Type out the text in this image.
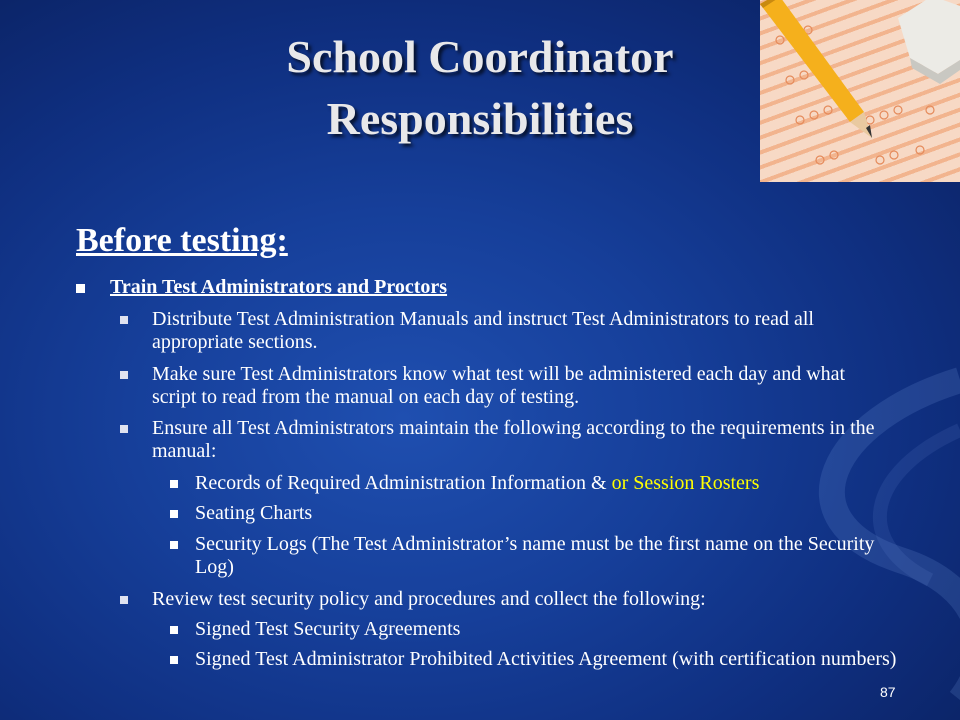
School Coordinator
Responsibilities
Before testing:
Train Test Administrators and Proctors
Distribute Test Administration Manuals and instruct Test Administrators to read all appropriate sections.
Make sure Test Administrators know what test will be administered each day and what script to read from the manual on each day of testing.
Ensure all Test Administrators maintain the following according to the requirements in the manual:
Records of Required Administration Information & or Session Rosters
Seating Charts
Security Logs (The Test Administrator’s name must be the first name on the Security Log)
Review test security policy and procedures and collect the following:
Signed Test Security Agreements
Signed Test Administrator Prohibited Activities Agreement (with certification numbers)
87
